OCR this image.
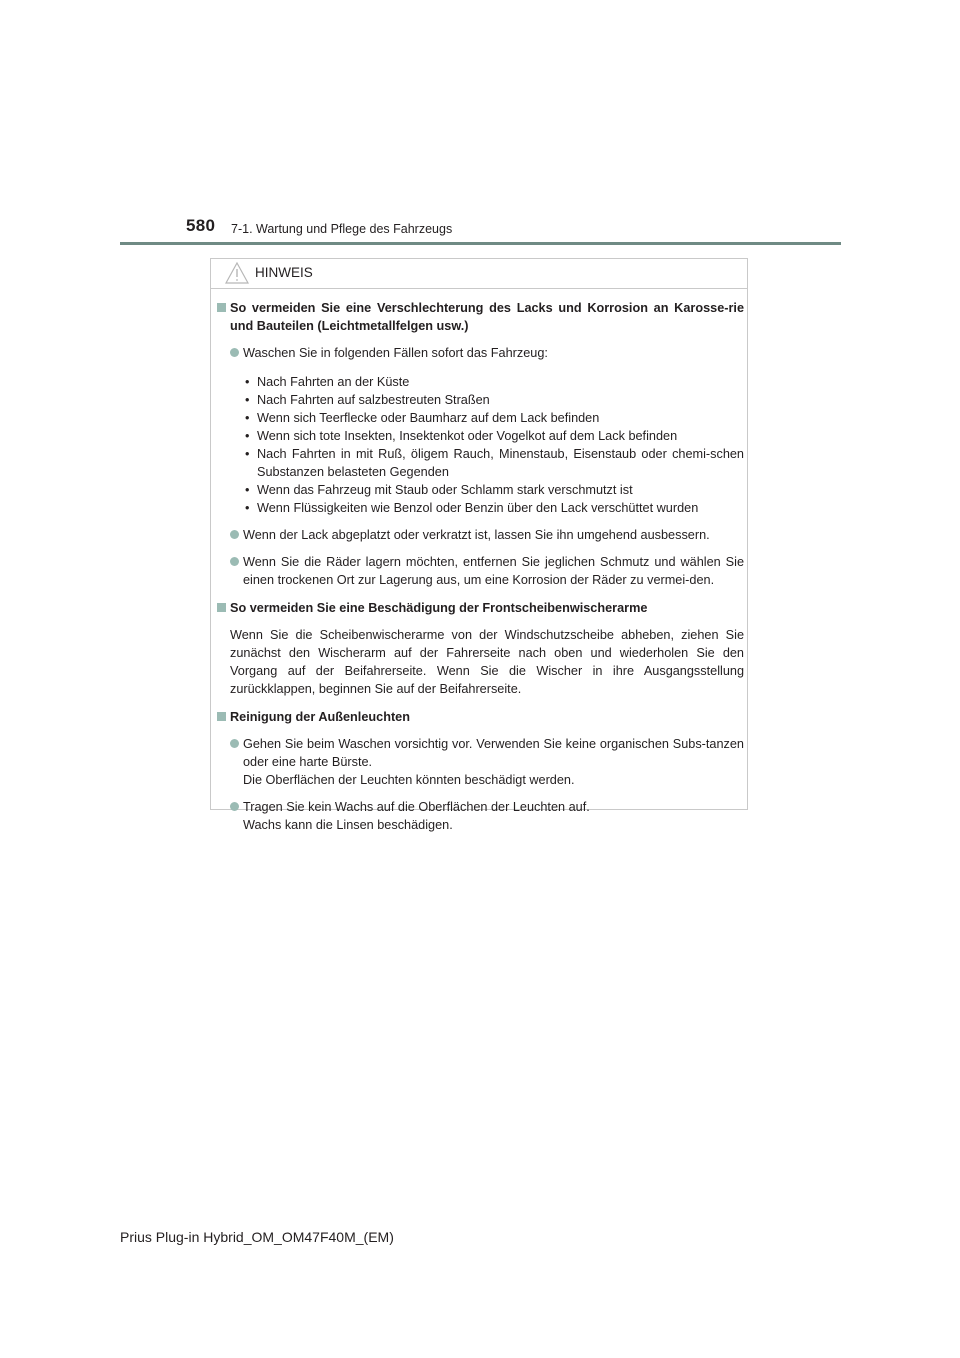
580 7-1. Wartung und Pflege des Fahrzeugs
HINWEIS
So vermeiden Sie eine Verschlechterung des Lacks und Korrosion an Karosse-rie und Bauteilen (Leichtmetallfelgen usw.)
Waschen Sie in folgenden Fällen sofort das Fahrzeug:
• Nach Fahrten an der Küste
• Nach Fahrten auf salzbestreuten Straßen
• Wenn sich Teerflecke oder Baumharz auf dem Lack befinden
• Wenn sich tote Insekten, Insektenkot oder Vogelkot auf dem Lack befinden
• Nach Fahrten in mit Ruß, öligem Rauch, Minenstaub, Eisenstaub oder chemi-schen Substanzen belasteten Gegenden
• Wenn das Fahrzeug mit Staub oder Schlamm stark verschmutzt ist
• Wenn Flüssigkeiten wie Benzol oder Benzin über den Lack verschüttet wurden
Wenn der Lack abgeplatzt oder verkratzt ist, lassen Sie ihn umgehend ausbessern.
Wenn Sie die Räder lagern möchten, entfernen Sie jeglichen Schmutz und wählen Sie einen trockenen Ort zur Lagerung aus, um eine Korrosion der Räder zu vermei-den.
So vermeiden Sie eine Beschädigung der Frontscheibenwischerarme
Wenn Sie die Scheibenwischerarme von der Windschutzscheibe abheben, ziehen Sie zunächst den Wischerarm auf der Fahrerseite nach oben und wiederholen Sie den Vorgang auf der Beifahrerseite. Wenn Sie die Wischer in ihre Ausgangsstellung zurückklappen, beginnen Sie auf der Beifahrerseite.
Reinigung der Außenleuchten
Gehen Sie beim Waschen vorsichtig vor. Verwenden Sie keine organischen Subs-tanzen oder eine harte Bürste.
Die Oberflächen der Leuchten könnten beschädigt werden.
Tragen Sie kein Wachs auf die Oberflächen der Leuchten auf.
Wachs kann die Linsen beschädigen.
Prius Plug-in Hybrid_OM_OM47F40M_(EM)
